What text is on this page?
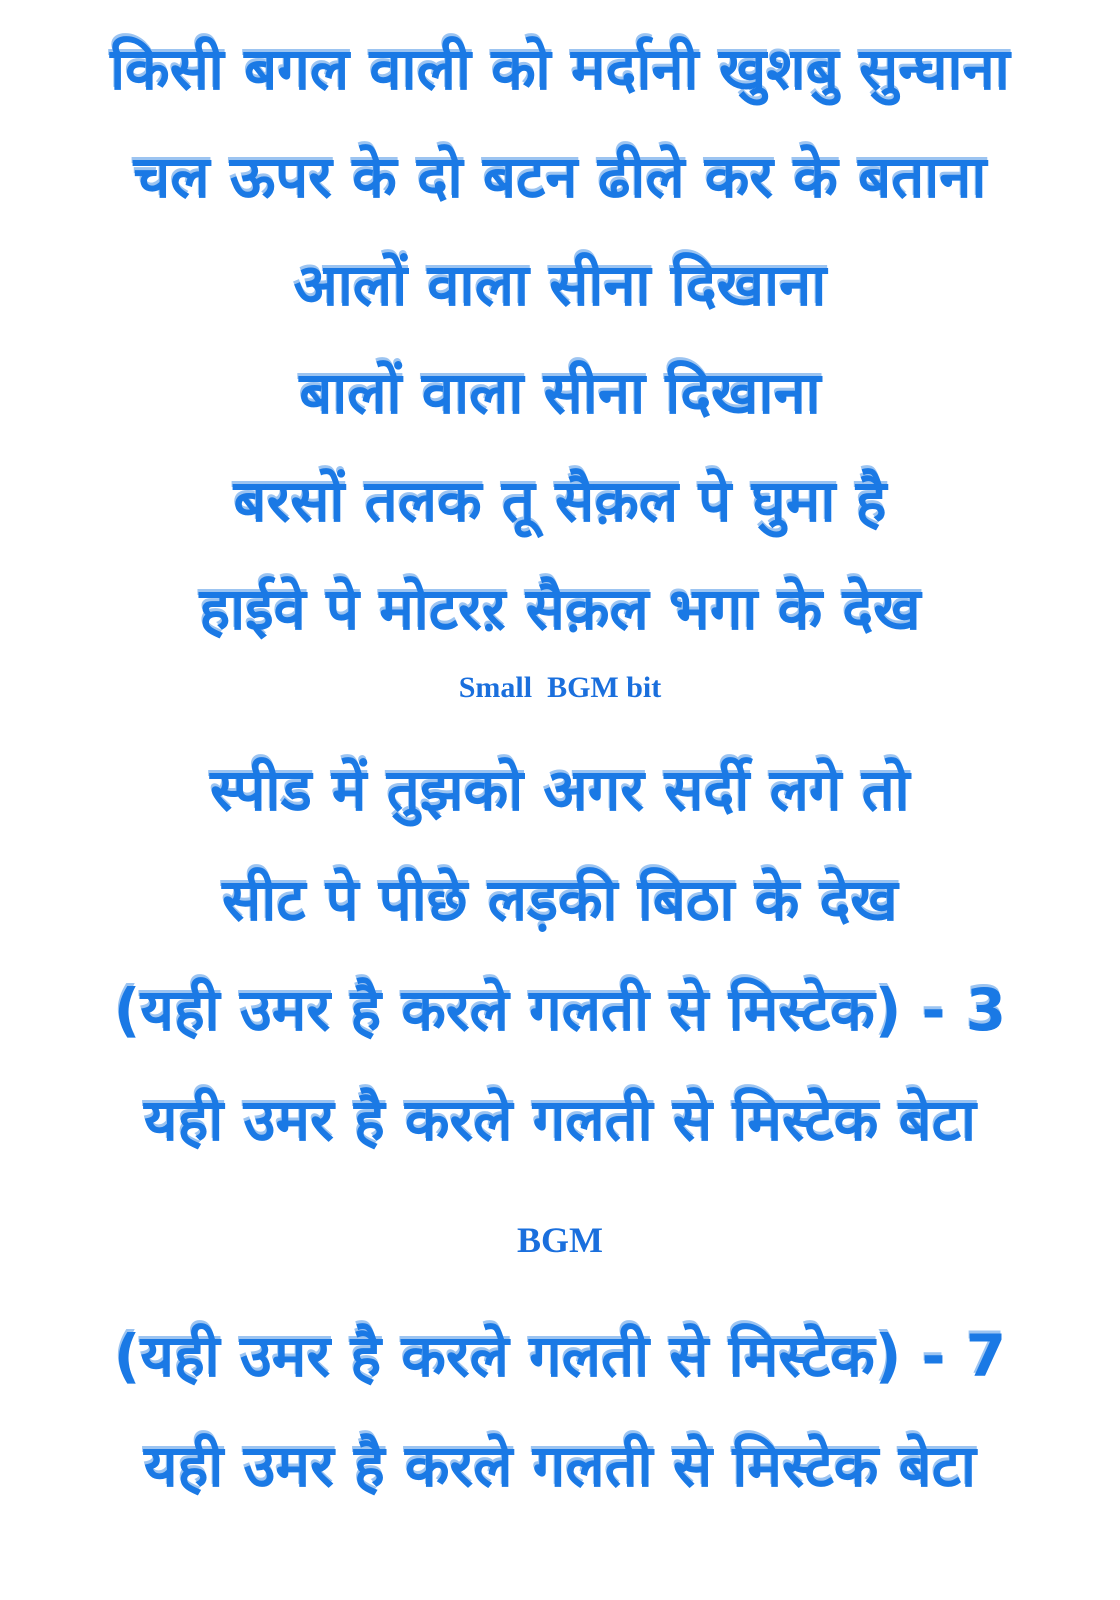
किसी बगल वाली को मर्दानी खुशबु सुन्घाना
चल ऊपर के दो बटन ढीले कर के बताना
आलों वाला सीना दिखाना
बालों वाला सीना दिखाना
बरसों तलक तू सैक़ल पे घुमा है
हाईवे पे मोटरऱ सैक़ल भगा के देख
Small  BGM bit
स्पीड में तुझको अगर सर्दी लगे तो
सीट पे पीछे लड़की बिठा के देख
(यही उमर है करले गलती से मिस्टेक) - 3
यही उमर है करले गलती से मिस्टेक बेटा
BGM
(यही उमर है करले गलती से मिस्टेक) - 7
यही उमर है करले गलती से मिस्टेक बेटा
